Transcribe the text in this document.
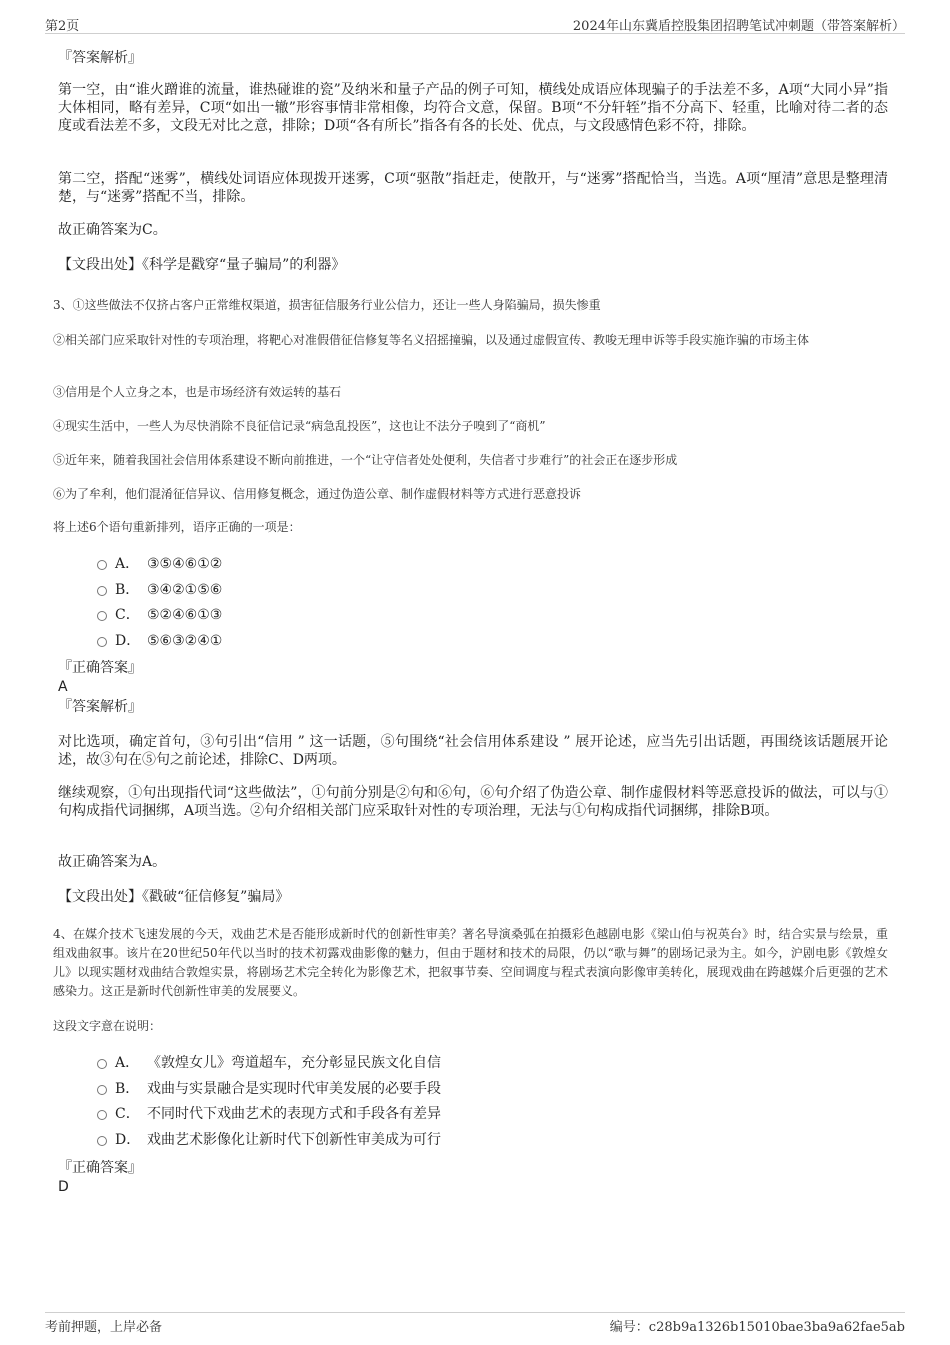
第2页	2024年山东冀盾控股集团招聘笔试冲刺题（带答案解析）
『答案解析』
第一空，由“谁火蹭谁的流量，谁热碰谁的瓷”及纳米和量子产品的例子可知，横线处成语应体现骗子的手法差不多，A项“大同小异”指大体相同，略有差异，C项“如出一辙”形容事情非常相像，均符合文意，保留。B项“不分轩轾”指不分高下、轻重，比喻对待二者的态度或看法差不多，文段无对比之意，排除；D项“各有所长”指各有各的长处、优点，与文段感情色彩不符，排除。
第二空，搭配“迷雾”，横线处词语应体现拨开迷雾，C项“驱散”指赶走，使散开，与“迷雾”搭配恰当，当选。A项“厘清”意思是整理清楚，与“迷雾”搭配不当，排除。
故正确答案为C。
【文段出处】《科学是戳穿“量子骗局”的利器》
3、①这些做法不仅挤占客户正常维权渠道，损害征信服务行业公信力，还让一些人身陷骗局，损失惨重
②相关部门应采取针对性的专项治理，将靶心对准假借征信修复等名义招摇撞骗，以及通过虚假宣传、教唆无理申诉等手段实施诈骗的市场主体
③信用是个人立身之本，也是市场经济有效运转的基石
④现实生活中，一些人为尽快消除不良征信记录“病急乱投医”，这也让不法分子嗅到了“商机”
⑤近年来，随着我国社会信用体系建设不断向前推进，一个“让守信者处处便利，失信者寸步难行”的社会正在逐步形成
⑥为了牟利，他们混淆征信异议、信用修复概念，通过伪造公章、制作虚假材料等方式进行恶意投诉
将上述6个语句重新排列，语序正确的一项是：
A． ③⑤④⑥①②
B． ③④②①⑤⑥
C． ⑤②④⑥①③
D． ⑤⑥③②④①
『正确答案』
A
『答案解析』
对比选项，确定首句，③句引出“信用 ” 这一话题，⑤句围绕“社会信用体系建设 ” 展开论述，应当先引出话题，再围绕该话题展开论述，故③句在⑤句之前论述，排除C、D两项。
继续观察，①句出现指代词“这些做法”，①句前分别是②句和⑥句，⑥句介绍了伪造公章、制作虚假材料等恶意投诉的做法，可以与①句构成指代词捆绑，A项当选。②句介绍相关部门应采取针对性的专项治理，无法与①句构成指代词捆绑，排除B项。
故正确答案为A。
【文段出处】《戳破“征信修复”骗局》
4、在媒介技术飞速发展的今天，戏曲艺术是否能形成新时代的创新性审美？著名导演桑弧在拍摄彩色越剧电影《梁山伯与祝英台》时，结合实景与绘景，重组戏曲叙事。该片在20世纪50年代以当时的技术初露戏曲影像的魅力，但由于题材和技术的局限，仍以“歌与舞”的剧场记录为主。如今，沪剧电影《敦煌女儿》以现实题材戏曲结合敦煌实景，将剧场艺术完全转化为影像艺术，把叙事节奏、空间调度与程式表演向影像审美转化，展现戏曲在跨越媒介后更强的艺术感染力。这正是新时代创新性审美的发展要义。
这段文字意在说明：
A． 《敦煌女儿》弯道超车，充分彰显民族文化自信
B． 戏曲与实景融合是实现时代审美发展的必要手段
C． 不同时代下戏曲艺术的表现方式和手段各有差异
D． 戏曲艺术影像化让新时代下创新性审美成为可行
『正确答案』
D
考前押题，上岸必备	编号：c28b9a1326b15010bae3ba9a62fae5ab
